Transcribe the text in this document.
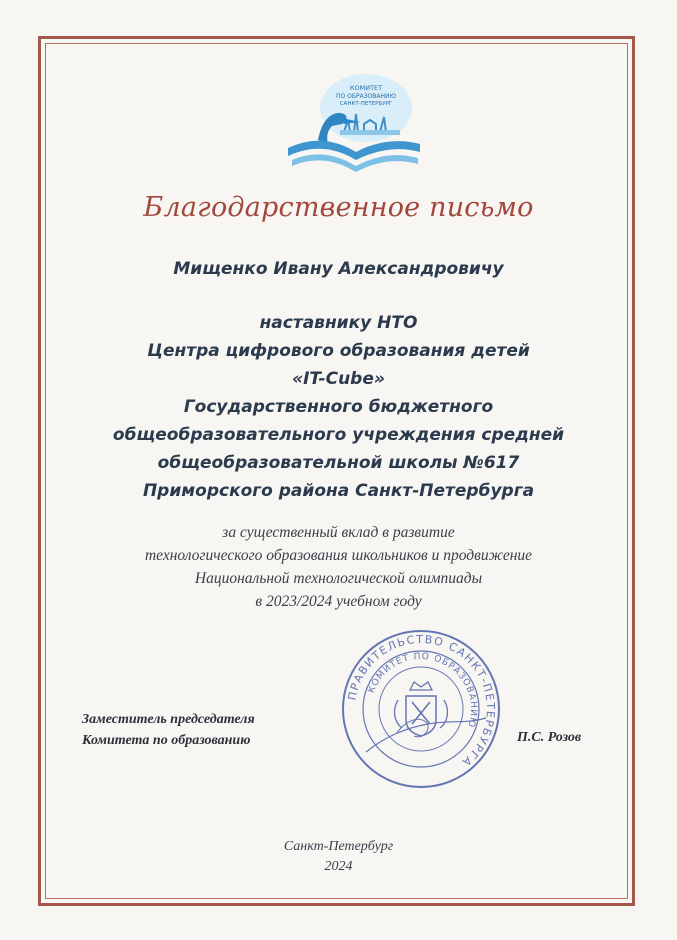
КОМИТЕТ
ПО ОБРАЗОВАНИЮ
САНКТ-ПЕТЕРБУРГ
Благодарственное письмо
Мищенко Ивану Александровичу
наставнику НТО
Центра цифрового образования детей
«IT-Cube»
Государственного бюджетного
общеобразовательного учреждения средней
общеобразовательной школы №617
Приморского района Санкт-Петербурга
за существенный вклад в развитие
технологического образования школьников и продвижение
Национальной технологической олимпиады
в 2023/2024 учебном году
ПРАВИТЕЛЬСТВО САНКТ-ПЕТЕРБУРГА
КОМИТЕТ ПО ОБРАЗОВАНИЮ
Заместитель председателя
Комитета по образованию	П.С. Розов
Санкт-Петербург
2024
